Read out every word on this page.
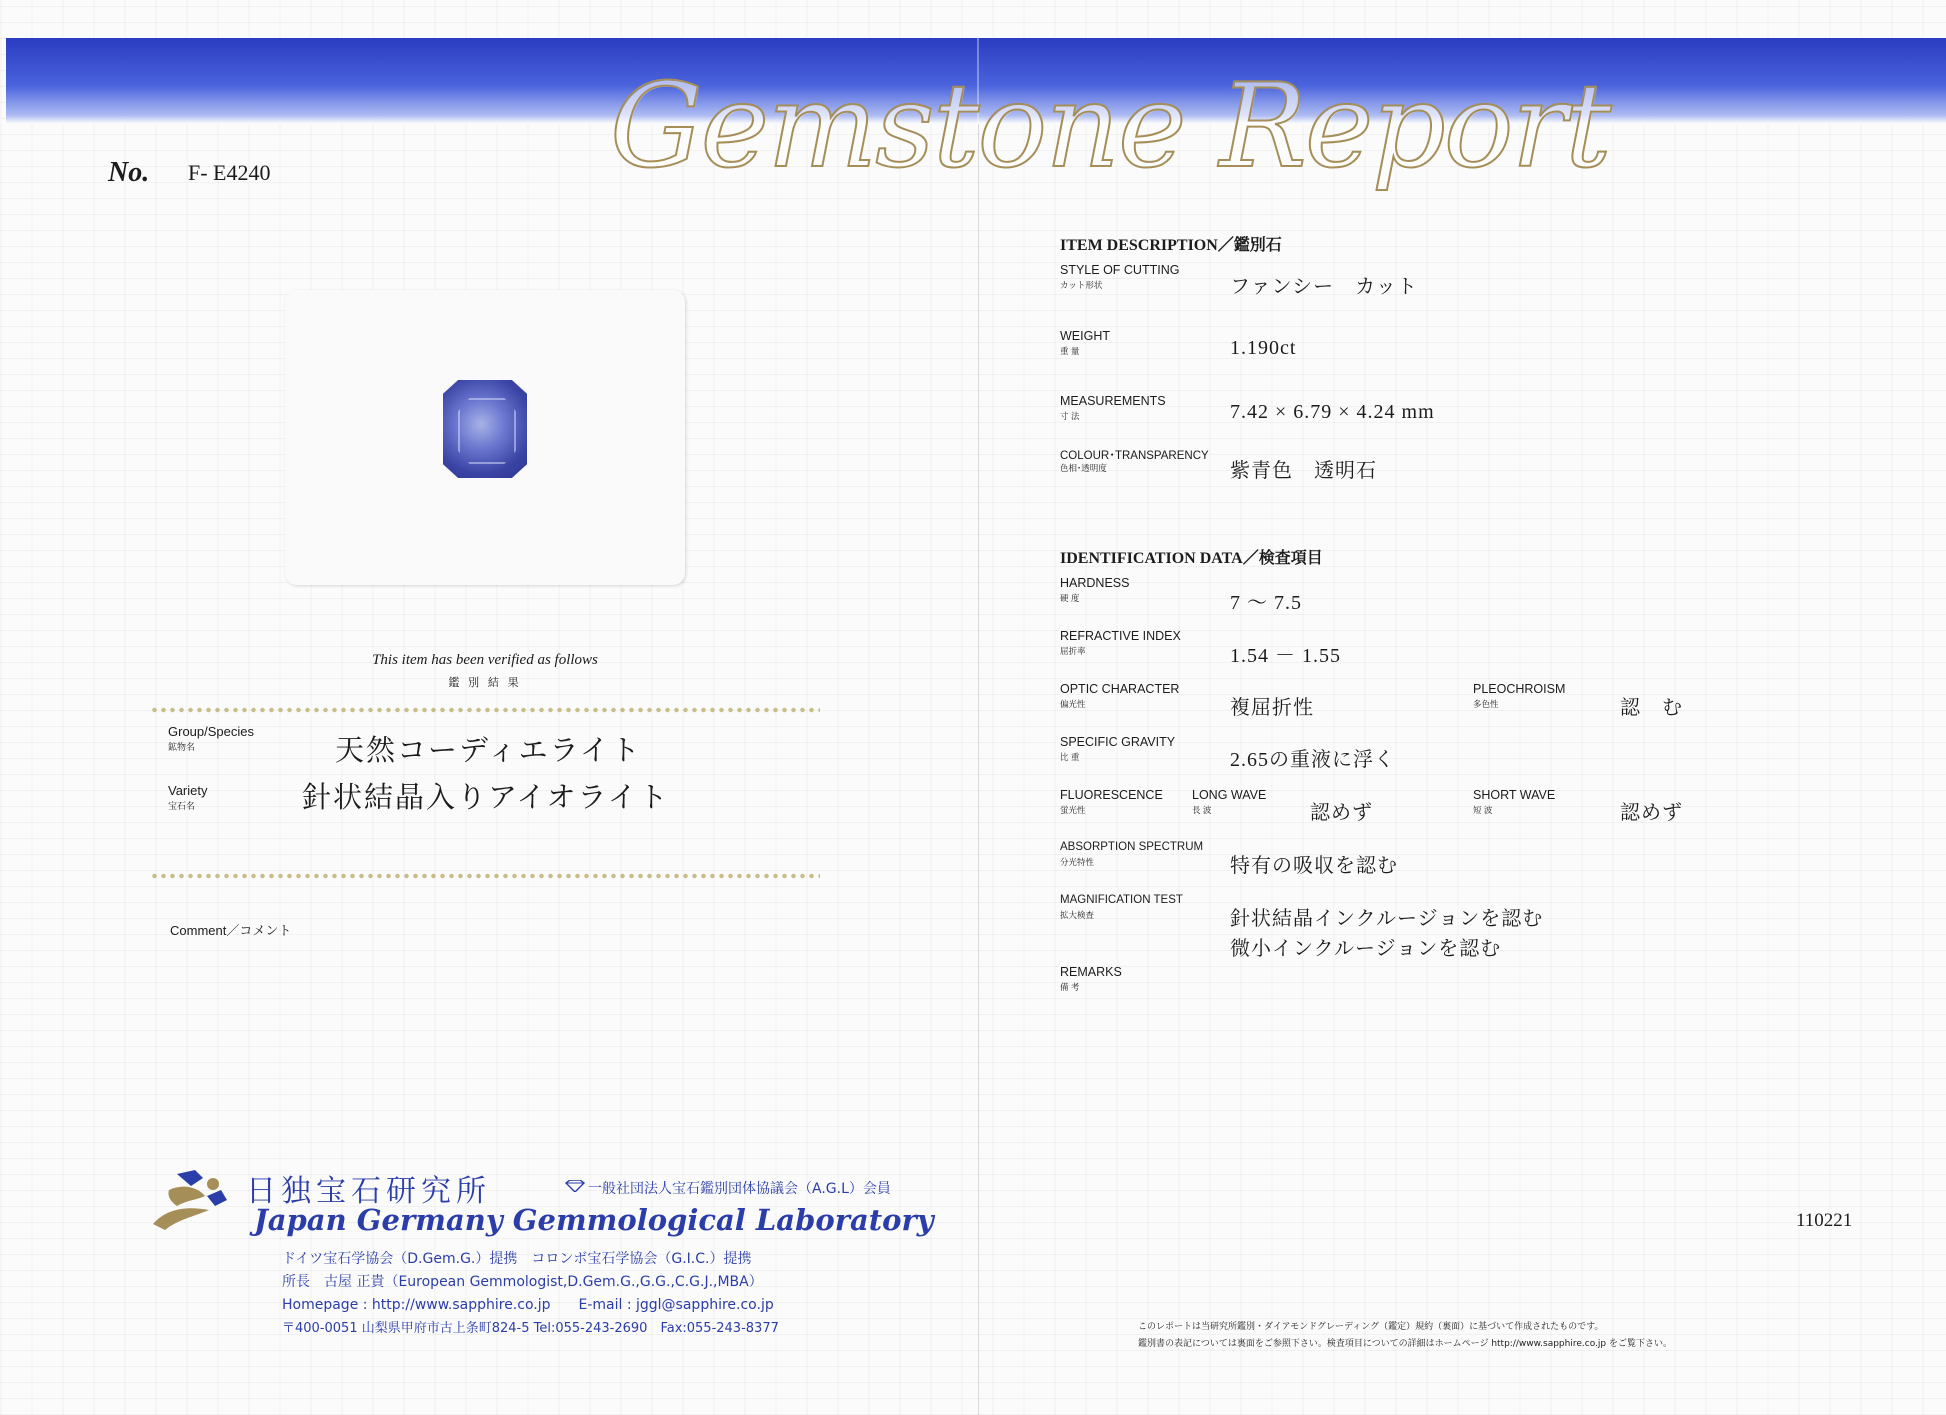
Gemstone Report
No. F- E4240
This item has been verified as follows
鑑 別 結 果
Group/Species
鉱物名	天然コーディエライト
Variety
宝石名	針状結晶入りアイオライト
Comment／コメント
ITEM DESCRIPTION／鑑別石
STYLE OF CUTTING
カット形状	ファンシー　カット
WEIGHT
重 量	1.190ct
MEASUREMENTS
寸 法	7.42 × 6.79 × 4.24 mm
COLOUR･TRANSPARENCY
色相･透明度	紫青色　透明石
IDENTIFICATION DATA／検査項目
HARDNESS
硬 度	7 〜 7.5
REFRACTIVE INDEX
屈折率	1.54 － 1.55
OPTIC CHARACTER
偏光性	複屈折性
PLEOCHROISM
多色性	認　む
SPECIFIC GRAVITY
比 重	2.65の重液に浮く
FLUORESCENCE
蛍光性
LONG WAVE
長 波	認めず
SHORT WAVE
短 波	認めず
ABSORPTION SPECTRUM
分光特性	特有の吸収を認む
MAGNIFICATION TEST
拡大検査	針状結晶インクルージョンを認む
微小インクルージョンを認む
REMARKS
備 考
日独宝石研究所	一般社団法人宝石鑑別団体協議会（A.G.L）会員
Japan Germany Gemmological Laboratory
ドイツ宝石学協会（D.Gem.G.）提携　コロンボ宝石学協会（G.I.C.）提携
所長　古屋 正貴（European Gemmologist,D.Gem.G.,G.G.,C.G.J.,MBA）
Homepage : http://www.sapphire.co.jp　　E-mail : jggl@sapphire.co.jp
〒400-0051 山梨県甲府市古上条町824-5 Tel:055-243-2690　Fax:055-243-8377
110221
このレポートは当研究所鑑別・ダイアモンドグレーディング（鑑定）規約（裏面）に基づいて作成されたものです。
鑑別書の表記については裏面をご参照下さい。検査項目についての詳細はホームページ http://www.sapphire.co.jp をご覧下さい。
